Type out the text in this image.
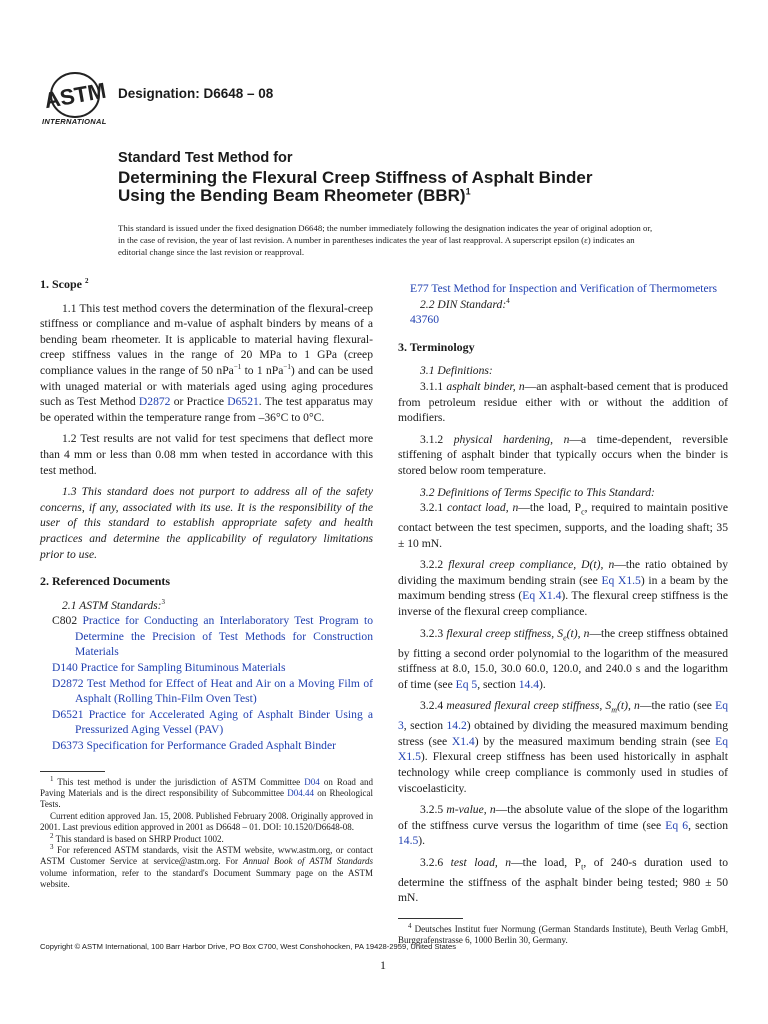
ASTM
INTERNATIONAL
Designation: D6648 – 08
Standard Test Method for
Determining the Flexural Creep Stiffness of Asphalt Binder
Using the Bending Beam Rheometer (BBR)$^1$
This standard is issued under the fixed designation D6648; the number immediately following the designation indicates the year of original adoption or, in the case of revision, the year of last revision. A number in parentheses indicates the year of last reapproval. A superscript epsilon (ε) indicates an editorial change since the last revision or reapproval.
1. Scope $^2$

1.1 This test method covers the determination of the flexural-creep stiffness or compliance and m-value of asphalt binders by means of a bending beam rheometer. It is applicable to material having flexural-creep stiffness values in the range of 20 MPa to 1 GPa (creep compliance values in the range of 50 nPa$^{-1}$ to 1 nPa$^{-1}$) and can be used with unaged material or with materials aged using aging procedures such as Test Method D2872 or Practice D6521. The test apparatus may be operated within the temperature range from –36°C to 0°C.

1.2 Test results are not valid for test specimens that deflect more than 4 mm or less than 0.08 mm when tested in accordance with this test method.

1.3 This standard does not purport to address all of the safety concerns, if any, associated with its use. It is the responsibility of the user of this standard to establish appropriate safety and health practices and determine the applicability of regulatory limitations prior to use.

2. Referenced Documents

2.1 ASTM Standards:$^3$

C802 Practice for Conducting an Interlaboratory Test Program to Determine the Precision of Test Methods for Construction Materials

D140 Practice for Sampling Bituminous Materials

D2872 Test Method for Effect of Heat and Air on a Moving Film of Asphalt (Rolling Thin-Film Oven Test)

D6521 Practice for Accelerated Aging of Asphalt Binder Using a Pressurized Aging Vessel (PAV)

D6373 Specification for Performance Graded Asphalt Binder

$^1$ This test method is under the jurisdiction of ASTM Committee D04 on Road and Paving Materials and is the direct responsibility of Subcommittee D04.44 on Rheological Tests.

Current edition approved Jan. 15, 2008. Published February 2008. Originally approved in 2001. Last previous edition approved in 2001 as D6648 – 01. DOI: 10.1520/D6648-08.

$^2$ This standard is based on SHRP Product 1002.

$^3$ For referenced ASTM standards, visit the ASTM website, www.astm.org, or contact ASTM Customer Service at service@astm.org. For Annual Book of ASTM Standards volume information, refer to the standard's Document Summary page on the ASTM website.

E77 Test Method for Inspection and Verification of Thermometers

2.2 DIN Standard:$^4$

43760

3. Terminology

3.1 Definitions:

3.1.1 asphalt binder, n—an asphalt-based cement that is produced from petroleum residue either with or without the addition of modifiers.

3.1.2 physical hardening, n—a time-dependent, reversible stiffening of asphalt binder that typically occurs when the binder is stored below room temperature.

3.2 Definitions of Terms Specific to This Standard:

3.2.1 contact load, n—the load, $P_c$, required to maintain positive contact between the test specimen, supports, and the loading shaft; 35 ± 10 mN.

3.2.2 flexural creep compliance, D(t), n—the ratio obtained by dividing the maximum bending strain (see Eq X1.5) in a beam by the maximum bending stress (Eq X1.4). The flexural creep stiffness is the inverse of the flexural creep compliance.

3.2.3 flexural creep stiffness, $S_e(t)$, n—the creep stiffness obtained by fitting a second order polynomial to the logarithm of the measured stiffness at 8.0, 15.0, 30.0 60.0, 120.0, and 240.0 s and the logarithm of time (see Eq 5, section 14.4).

3.2.4 measured flexural creep stiffness, $S_m(t)$, n—the ratio (see Eq 3, section 14.2) obtained by dividing the measured maximum bending stress (see X1.4) by the measured maximum bending strain (see Eq X1.5). Flexural creep stiffness has been used historically in asphalt technology while creep compliance is commonly used in studies of viscoelasticity.

3.2.5 m-value, n—the absolute value of the slope of the logarithm of the stiffness curve versus the logarithm of time (see Eq 6, section 14.5).

3.2.6 test load, n—the load, $P_t$, of 240-s duration used to determine the stiffness of the asphalt binder being tested; 980 ± 50 mN.

$^4$ Deutsches Institut fuer Normung (German Standards Institute), Beuth Verlag GmbH, Burggrafenstrasse 6, 1000 Berlin 30, Germany.

Copyright © ASTM International, 100 Barr Harbor Drive, PO Box C700, West Conshohocken, PA 19428-2959, United States
1
